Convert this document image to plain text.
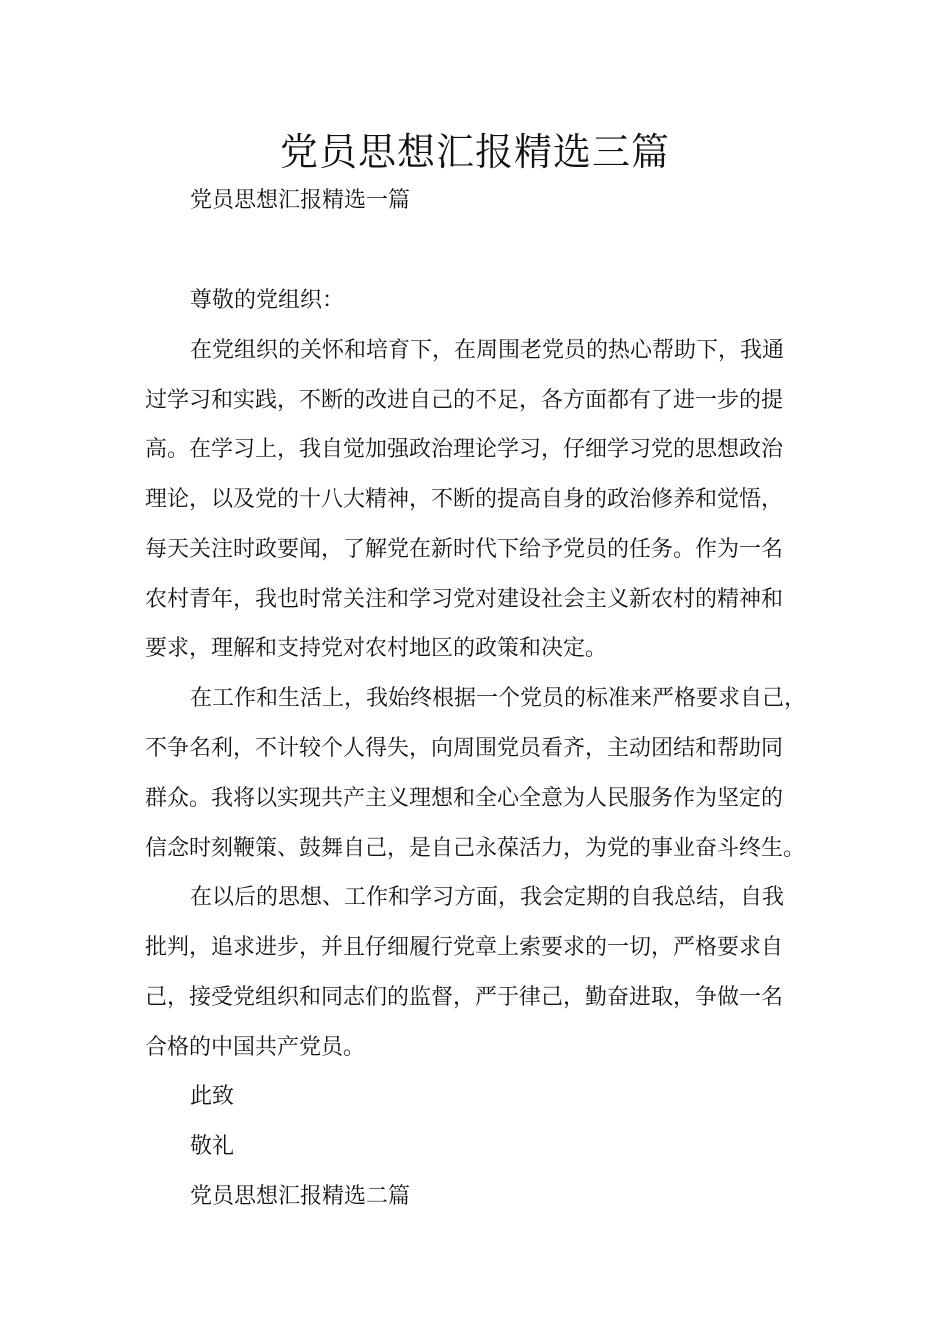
党员思想汇报精选三篇
党员思想汇报精选一篇
尊敬的党组织：
在党组织的关怀和培育下，在周围老党员的热心帮助下，我通
过学习和实践，不断的改进自己的不足，各方面都有了进一步的提
高。在学习上，我自觉加强政治理论学习，仔细学习党的思想政治
理论，以及党的十八大精神，不断的提高自身的政治修养和觉悟，
每天关注时政要闻，了解党在新时代下给予党员的任务。作为一名
农村青年，我也时常关注和学习党对建设社会主义新农村的精神和
要求，理解和支持党对农村地区的政策和决定。
在工作和生活上，我始终根据一个党员的标准来严格要求自己，
不争名利，不计较个人得失，向周围党员看齐，主动团结和帮助同
群众。我将以实现共产主义理想和全心全意为人民服务作为坚定的
信念时刻鞭策、鼓舞自己，是自己永葆活力，为党的事业奋斗终生。
在以后的思想、工作和学习方面，我会定期的自我总结，自我
批判，追求进步，并且仔细履行党章上索要求的一切，严格要求自
己，接受党组织和同志们的监督，严于律己，勤奋进取，争做一名
合格的中国共产党员。
此致
敬礼
党员思想汇报精选二篇
